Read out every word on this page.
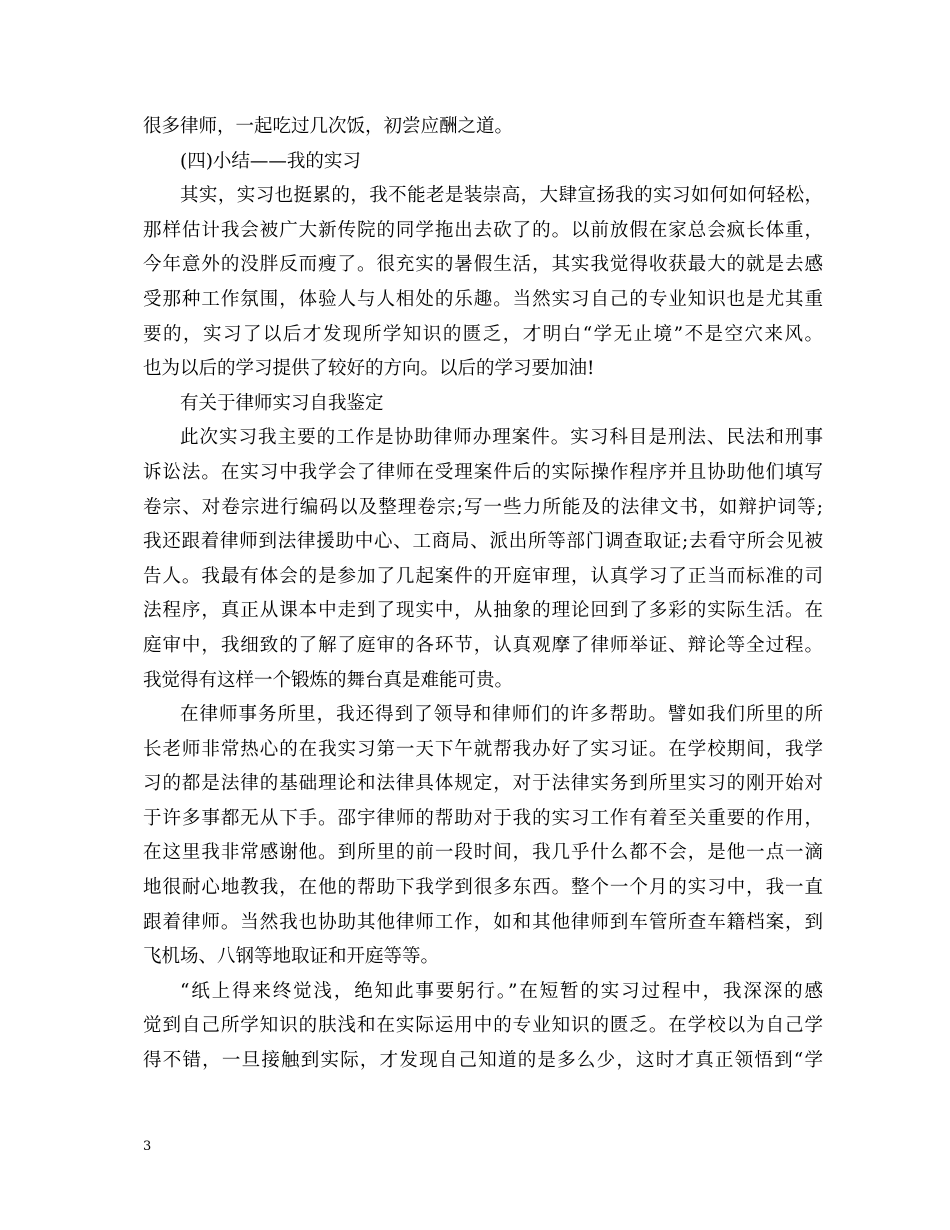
很多律师，一起吃过几次饭，初尝应酬之道。
(四)小结——我的实习
其实，实习也挺累的，我不能老是装崇高，大肆宣扬我的实习如何如何轻松，
那样估计我会被广大新传院的同学拖出去砍了的。以前放假在家总会疯长体重，
今年意外的没胖反而瘦了。很充实的暑假生活，其实我觉得收获最大的就是去感
受那种工作氛围，体验人与人相处的乐趣。当然实习自己的专业知识也是尤其重
要的，实习了以后才发现所学知识的匮乏，才明白“学无止境”不是空穴来风。
也为以后的学习提供了较好的方向。以后的学习要加油!
有关于律师实习自我鉴定
此次实习我主要的工作是协助律师办理案件。实习科目是刑法、民法和刑事
诉讼法。在实习中我学会了律师在受理案件后的实际操作程序并且协助他们填写
卷宗、对卷宗进行编码以及整理卷宗;写一些力所能及的法律文书，如辩护词等;
我还跟着律师到法律援助中心、工商局、派出所等部门调查取证;去看守所会见被
告人。我最有体会的是参加了几起案件的开庭审理，认真学习了正当而标准的司
法程序，真正从课本中走到了现实中，从抽象的理论回到了多彩的实际生活。在
庭审中，我细致的了解了庭审的各环节，认真观摩了律师举证、辩论等全过程。
我觉得有这样一个锻炼的舞台真是难能可贵。
在律师事务所里，我还得到了领导和律师们的许多帮助。譬如我们所里的所
长老师非常热心的在我实习第一天下午就帮我办好了实习证。在学校期间，我学
习的都是法律的基础理论和法律具体规定，对于法律实务到所里实习的刚开始对
于许多事都无从下手。邵宇律师的帮助对于我的实习工作有着至关重要的作用，
在这里我非常感谢他。到所里的前一段时间，我几乎什么都不会，是他一点一滴
地很耐心地教我，在他的帮助下我学到很多东西。整个一个月的实习中，我一直
跟着律师。当然我也协助其他律师工作，如和其他律师到车管所查车籍档案，到
飞机场、八钢等地取证和开庭等等。
“纸上得来终觉浅，绝知此事要躬行。”在短暂的实习过程中，我深深的感
觉到自己所学知识的肤浅和在实际运用中的专业知识的匮乏。在学校以为自己学
得不错，一旦接触到实际，才发现自己知道的是多么少，这时才真正领悟到“学
3
